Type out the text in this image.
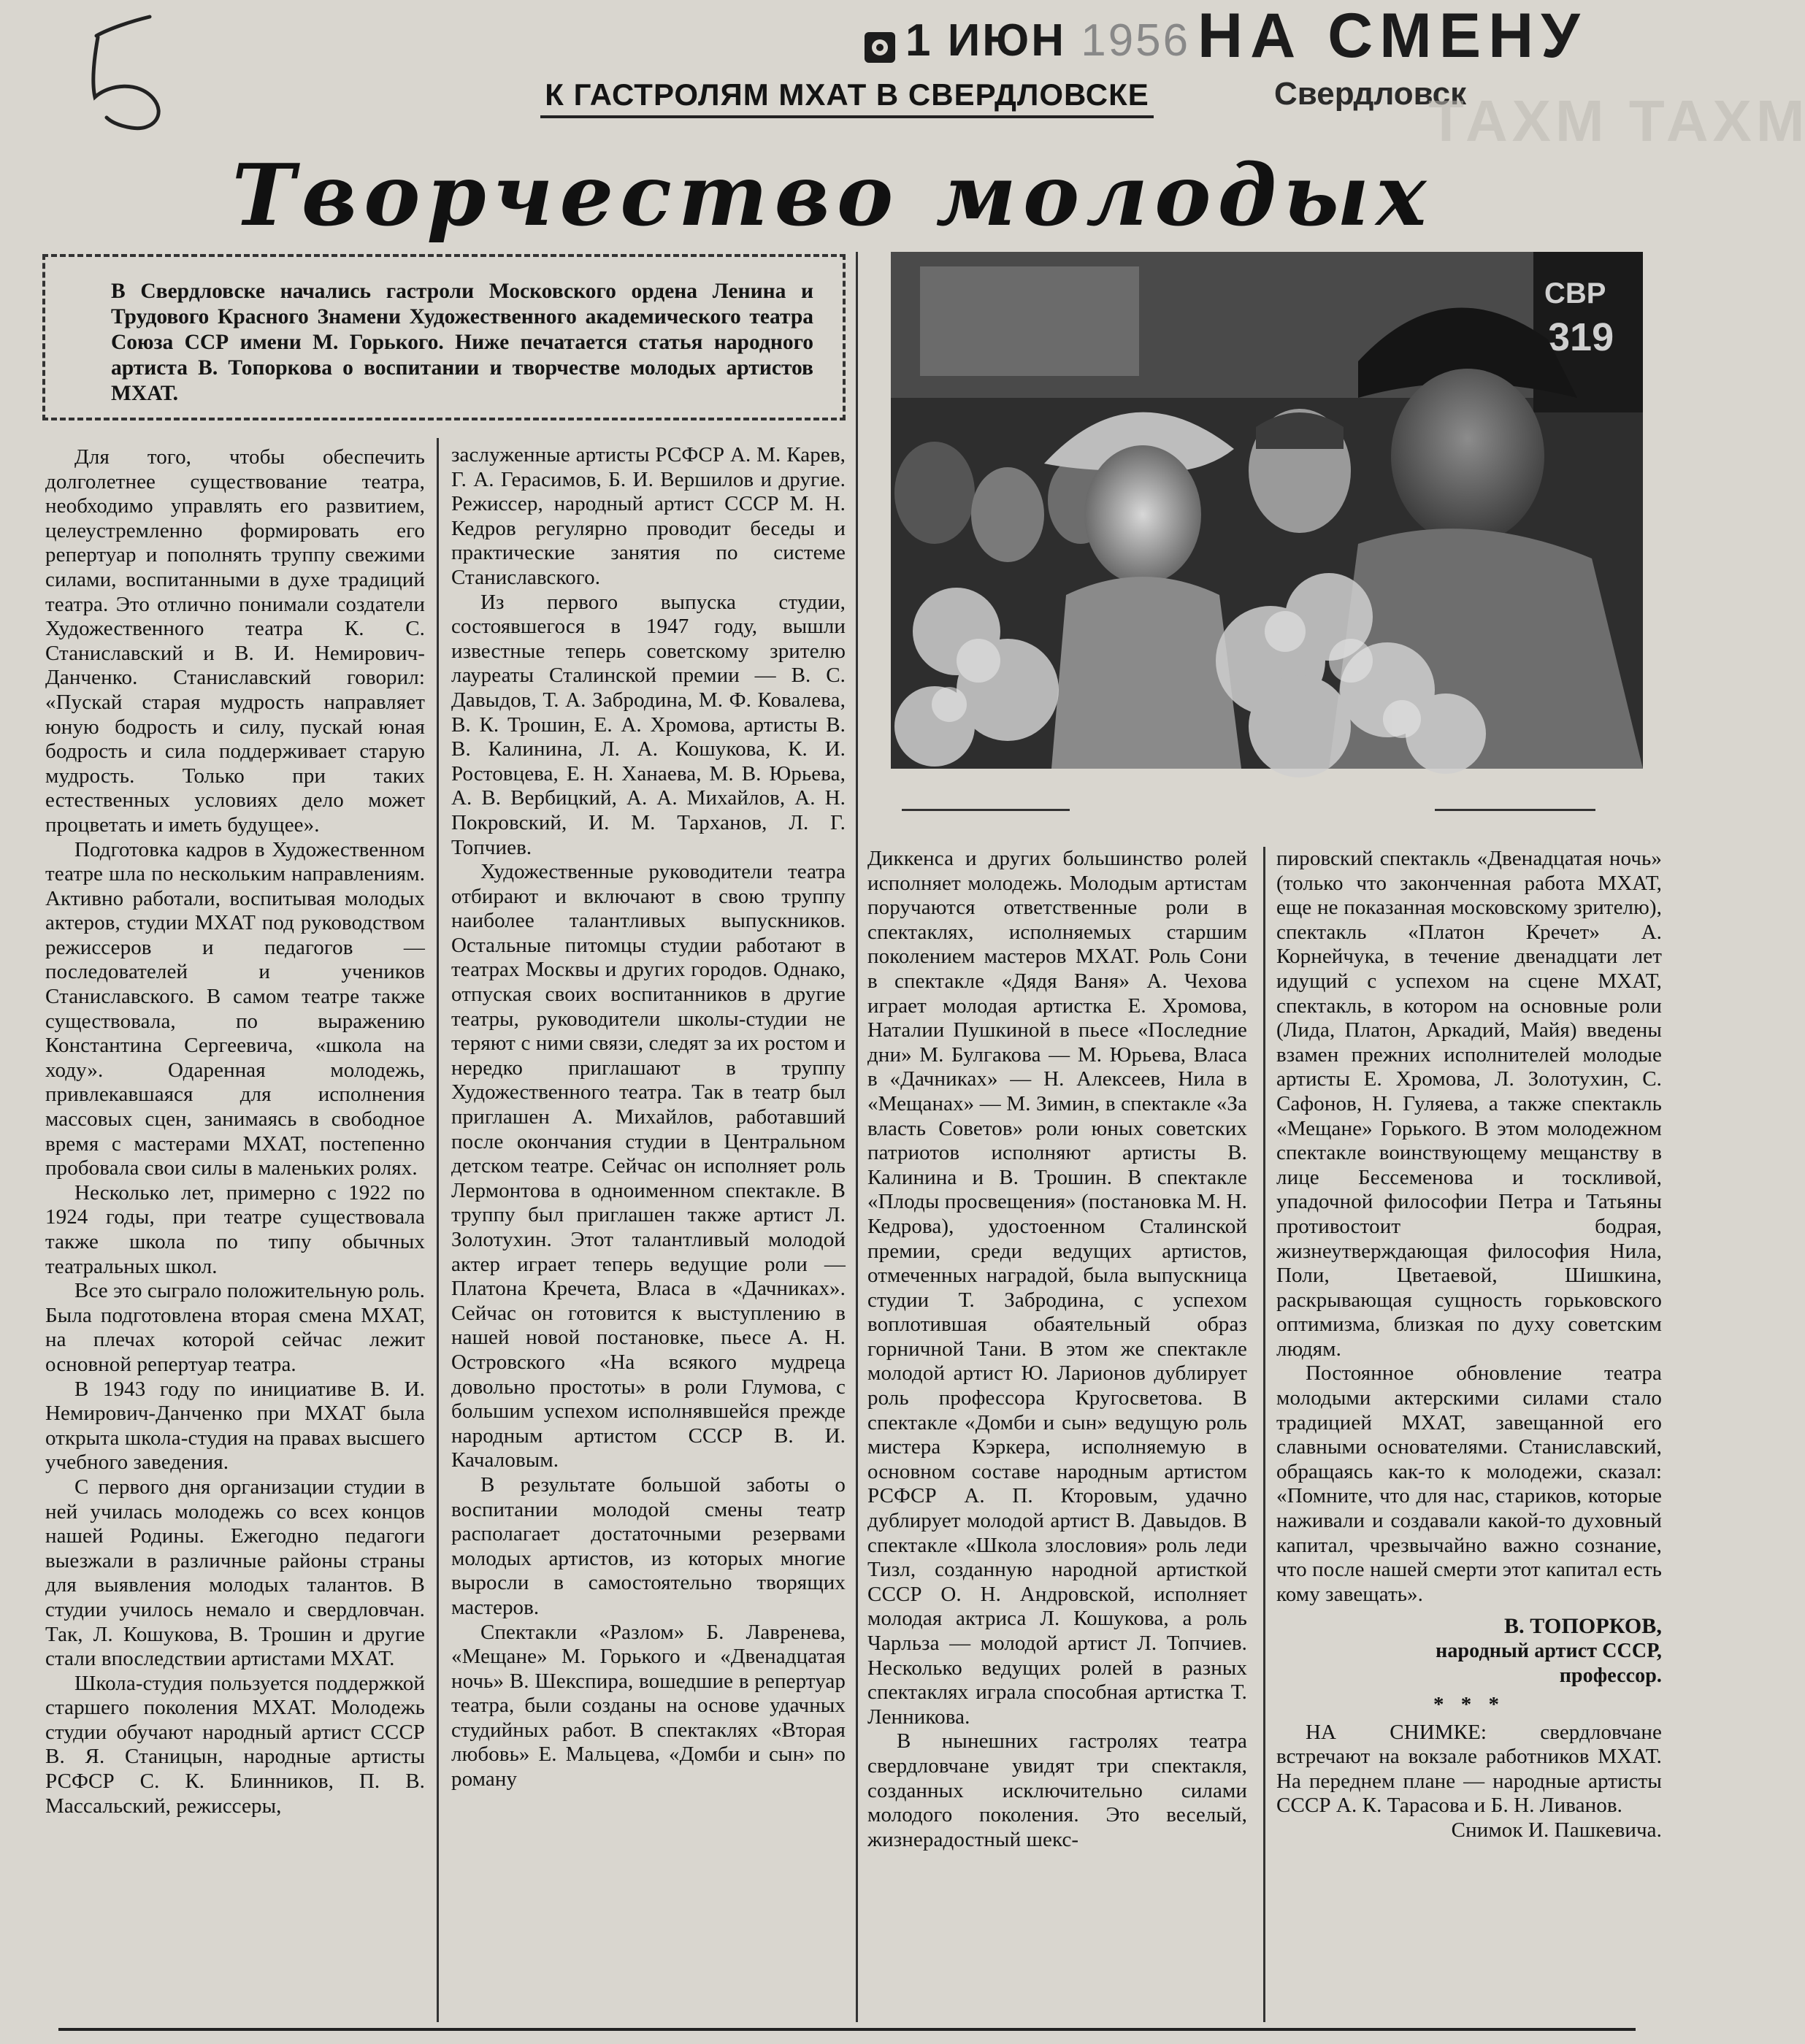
1 ИЮН 1956 НА СМЕНУ
Свердловск
МХАТ МХАТ
К ГАСТРОЛЯМ МХАТ В СВЕРДЛОВСКЕ
Творчество молодых

В Свердловске начались гастроли Московского ордена Ленина и Трудового Красного Знамени Художественного академического театра Союза ССР имени М. Горького. Ниже печатается статья народного артиста В. Топоркова о воспитании и творчестве молодых артистов МХАТ.

СВР
319

Для того, чтобы обеспечить долголетнее существование театра, необходимо управлять его развитием, целеустремленно формировать его репертуар и пополнять труппу свежими силами, воспитанными в духе традиций театра. Это отлично понимали создатели Художественного театра К. С. Станиславский и В. И. Немирович-Данченко. Станиславский говорил: «Пускай старая мудрость направляет юную бодрость и силу, пускай юная бодрость и сила поддерживает старую мудрость. Только при таких естественных условиях дело может процветать и иметь будущее».

Подготовка кадров в Художественном театре шла по нескольким направлениям. Активно работали, воспитывая молодых актеров, студии МХАТ под руководством режиссеров и педагогов — последователей и учеников Станиславского. В самом театре также существовала, по выражению Константина Сергеевича, «школа на ходу». Одаренная молодежь, привлекавшаяся для исполнения массовых сцен, занимаясь в свободное время с мастерами МХАТ, постепенно пробовала свои силы в маленьких ролях.

Несколько лет, примерно с 1922 по 1924 годы, при театре существовала также школа по типу обычных театральных школ.

Все это сыграло положительную роль. Была подготовлена вторая смена МХАТ, на плечах которой сейчас лежит основной репертуар театра.

В 1943 году по инициативе В. И. Немирович-Данченко при МХАТ была открыта школа-студия на правах высшего учебного заведения.

С первого дня организации студии в ней училась молодежь со всех концов нашей Родины. Ежегодно педагоги выезжали в различные районы страны для выявления молодых талантов. В студии училось немало и свердловчан. Так, Л. Кошукова, В. Трошин и другие стали впоследствии артистами МХАТ.

Школа-студия пользуется поддержкой старшего поколения МХАТ. Молодежь студии обучают народный артист СССР В. Я. Станицын, народные артисты РСФСР С. К. Блинников, П. В. Массальский, режиссеры,

заслуженные артисты РСФСР А. М. Карев, Г. А. Герасимов, Б. И. Вершилов и другие. Режиссер, народный артист СССР М. Н. Кедров регулярно проводит беседы и практические занятия по системе Станиславского.

Из первого выпуска студии, состоявшегося в 1947 году, вышли известные теперь советскому зрителю лауреаты Сталинской премии — В. С. Давыдов, Т. А. Забродина, М. Ф. Ковалева, В. К. Трошин, Е. А. Хромова, артисты В. В. Калинина, Л. А. Кошукова, К. И. Ростовцева, Е. Н. Ханаева, М. В. Юрьева, А. В. Вербицкий, А. А. Михайлов, А. Н. Покровский, И. М. Тарханов, Л. Г. Топчиев.

Художественные руководители театра отбирают и включают в свою труппу наиболее талантливых выпускников. Остальные питомцы студии работают в театрах Москвы и других городов. Однако, отпуская своих воспитанников в другие театры, руководители школы-студии не теряют с ними связи, следят за их ростом и нередко приглашают в труппу Художественного театра. Так в театр был приглашен А. Михайлов, работавший после окончания студии в Центральном детском театре. Сейчас он исполняет роль Лермонтова в одноименном спектакле. В труппу был приглашен также артист Л. Золотухин. Этот талантливый молодой актер играет теперь ведущие роли — Платона Кречета, Власа в «Дачниках». Сейчас он готовится к выступлению в нашей новой постановке, пьесе А. Н. Островского «На всякого мудреца довольно простоты» в роли Глумова, с большим успехом исполнявшейся прежде народным артистом СССР В. И. Качаловым.

В результате большой заботы о воспитании молодой смены театр располагает достаточными резервами молодых артистов, из которых многие выросли в самостоятельно творящих мастеров.

Спектакли «Разлом» Б. Лавренева, «Мещане» М. Горького и «Двенадцатая ночь» В. Шекспира, вошедшие в репертуар театра, были созданы на основе удачных студийных работ. В спектаклях «Вторая любовь» Е. Мальцева, «Домби и сын» по роману

Диккенса и других большинство ролей исполняет молодежь. Молодым артистам поручаются ответственные роли в спектаклях, исполняемых старшим поколением мастеров МХАТ. Роль Сони в спектакле «Дядя Ваня» А. Чехова играет молодая артистка Е. Хромова, Наталии Пушкиной в пьесе «Последние дни» М. Булгакова — М. Юрьева, Власа в «Дачниках» — Н. Алексеев, Нила в «Мещанах» — М. Зимин, в спектакле «За власть Советов» роли юных советских патриотов исполняют артисты В. Калинина и В. Трошин. В спектакле «Плоды просвещения» (постановка М. Н. Кедрова), удостоенном Сталинской премии, среди ведущих артистов, отмеченных наградой, была выпускница студии Т. Забродина, с успехом воплотившая обаятельный образ горничной Тани. В этом же спектакле молодой артист Ю. Ларионов дублирует роль профессора Кругосветова. В спектакле «Домби и сын» ведущую роль мистера Кэркера, исполняемую в основном составе народным артистом РСФСР А. П. Кторовым, удачно дублирует молодой артист В. Давыдов. В спектакле «Школа злословия» роль леди Тизл, созданную народной артисткой СССР О. Н. Андровской, исполняет молодая актриса Л. Кошукова, а роль Чарльза — молодой артист Л. Топчиев. Несколько ведущих ролей в разных спектаклях играла способная артистка Т. Ленникова.

В нынешних гастролях театра свердловчане увидят три спектакля, созданных исключительно силами молодого поколения. Это веселый, жизнерадостный шекс-

пировский спектакль «Двенадцатая ночь» (только что законченная работа МХАТ, еще не показанная московскому зрителю), спектакль «Платон Кречет» А. Корнейчука, в течение двенадцати лет идущий с успехом на сцене МХАТ, спектакль, в котором на основные роли (Лида, Платон, Аркадий, Майя) введены взамен прежних исполнителей молодые артисты Е. Хромова, Л. Золотухин, С. Сафонов, Н. Гуляева, а также спектакль «Мещане» Горького. В этом молодежном спектакле воинствующему мещанству в лице Бессеменова и тоскливой, упадочной философии Петра и Татьяны противостоит бодрая, жизнеутверждающая философия Нила, Поли, Цветаевой, Шишкина, раскрывающая сущность горьковского оптимизма, близкая по духу советским людям.

Постоянное обновление театра молодыми актерскими силами стало традицией МХАТ, завещанной его славными основателями. Станиславский, обращаясь как-то к молодежи, сказал: «Помните, что для нас, стариков, которые наживали и создавали какой-то духовный капитал, чрезвычайно важно сознание, что после нашей смерти этот капитал есть кому завещать».

В. ТОПОРКОВ,
народный артист СССР,
профессор.
* * *

НА СНИМКЕ: свердловчане встречают на вокзале работников МХАТ. На переднем плане — народные артисты СССР А. К. Тарасова и Б. Н. Ливанов.

Снимок И. Пашкевича.
